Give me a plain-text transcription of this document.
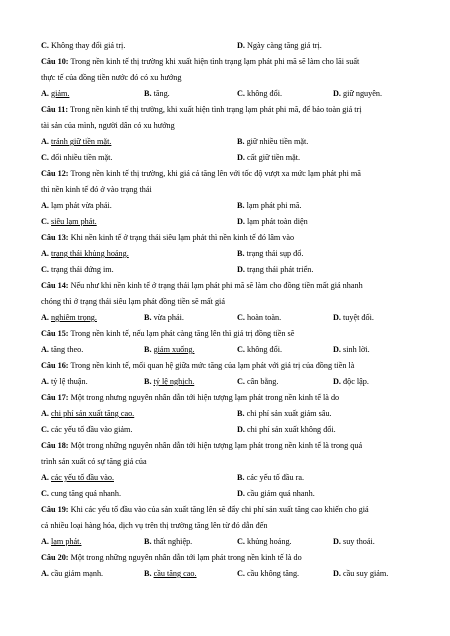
C. Không thay đổi giá trị.	D. Ngày càng tăng giá trị.
Câu 10: Trong nền kinh tế thị trường khi xuất hiện tình trạng lạm phát phi mã sẽ làm cho lãi suất
thực tế của đồng tiền nước đó có xu hướng
A. giảm.	B. tăng.	C. không đổi.	D. giữ nguyên.
Câu 11: Trong nền kinh tế thị trường, khi xuất hiện tình trạng lạm phát phi mã, để bảo toàn giá trị
tài sản của mình, người dân có xu hướng
A. tránh giữ tiền mặt.	B. giữ nhiều tiền mặt.
C. đổi nhiều tiền mặt.	D. cất giữ tiền mặt.
Câu 12: Trong nền kinh tế thị trường, khi giá cả tăng lên với tốc độ vượt xa mức lạm phát phi mã
thì nền kinh tế đó ở vào trạng thái
A. lạm phát vừa phải.	B. lạm phát phi mã.
C. siêu lạm phát.	D. lạm phát toàn diện
Câu 13: Khi nền kinh tế ở trạng thái siêu lạm phát thì nền kinh tế đó lâm vào
A. trạng thái khủng hoảng.	B. trạng thái sụp đổ.
C. trạng thái đứng im.	D. trạng thái phát triển.
Câu 14: Nếu như khi nền kinh tế ở trạng thái lạm phát phi mã sẽ làm cho đồng tiền mất giá nhanh
chóng thì ở trạng thái siêu lạm phát đồng tiền sẽ mất giá
A. nghiêm trọng.	B. vừa phải.	C. hoàn toàn.	D. tuyệt đối.
Câu 15: Trong nền kinh tế, nếu lạm phát càng tăng lên thì giá trị đồng tiền sẽ
A. tăng theo.	B. giảm xuống.	C. không đổi.	D. sinh lời.
Câu 16: Trong nền kinh tế, mối quan hệ giữa mức tăng của lạm phát với giá trị của đồng tiền là
A. tỷ lệ thuận.	B. tỷ lệ nghịch.	C. cân bằng.	D. độc lập.
Câu 17: Một trong nhưng nguyên nhân dẫn tới hiện tượng lạm phát trong nền kinh tế là do
A. chi phí sản xuất tăng cao.	B. chi phí sản xuất giảm sâu.
C. các yếu tố đầu vào giảm.	D. chi phí sản xuất không đổi.
Câu 18: Một trong những nguyên nhân dẫn tới hiện tượng lạm phát trong nền kinh tế là trong quá
trình sản xuất có sự tăng giá của
A. các yếu tố đầu vào.	B. các yếu tố đầu ra.
C. cung tăng quá nhanh.	D. cầu giảm quá nhanh.
Câu 19: Khi các yếu tố đầu vào của sản xuất tăng lên sẽ đẩy chi phí sản xuất tăng cao khiến cho giá
cả nhiều loại hàng hóa, dịch vụ trên thị trường tăng lên từ đó dẫn đến
A. lạm phát.	B. thất nghiệp.	C. khủng hoảng.	D. suy thoái.
Câu 20: Một trong những nguyên nhân dẫn tới lạm phát trong nền kinh tế là do
A. cầu giảm mạnh.	B. cầu tăng cao.	C. cầu không tăng.	D. cầu suy giảm.
